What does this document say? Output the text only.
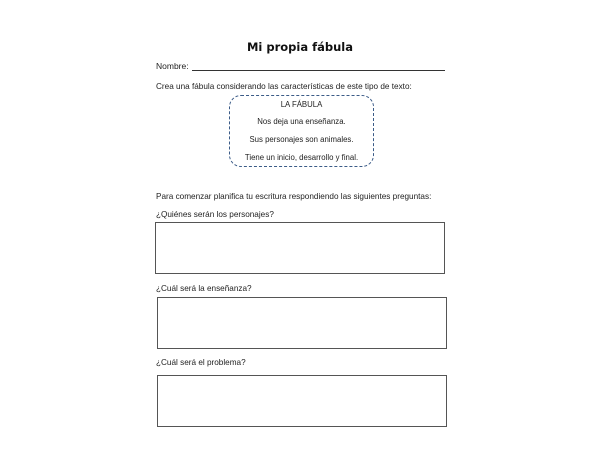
Mi propia fábula
Nombre:
Crea una fábula considerando las características de este tipo de texto:
LA FÁBULA
Nos deja una enseñanza.
Sus personajes son animales.
Tiene un inicio, desarrollo y final.
Para comenzar planifica tu escritura respondiendo las siguientes preguntas:
¿Quiénes serán los personajes?
¿Cuál será la enseñanza?
¿Cuál será el problema?
